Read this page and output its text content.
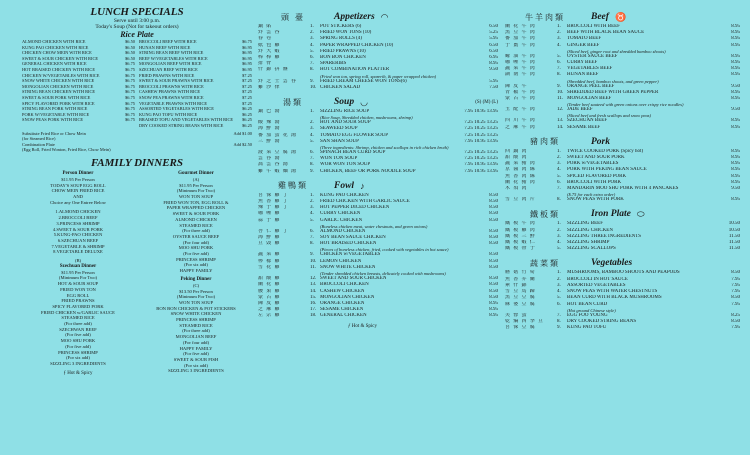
LUNCH SPECIALS
Serve until 3:00 p.m.
Today's Soup (Not for takeout orders)
Rice Plate
ALMOND CHICKEN WITH RICE	$6.50
KUNG PAO CHICKEN WITH RICE	$6.50
CHICKEN CHOW MEIN WITH RICE	$6.50
SWEET & SOUR CHICKEN WITH RICE	$6.50
GENERAL CHICKEN WITH RICE	$6.75
HOT BRAISED CHICKEN WITH RICE	$6.75
CHICKEN W/VEGETABLES WITH RICE	$6.75
SNOW WHITE CHICKEN WITH RICE	$6.75
MONGOLIAN CHICKEN WITH RICE	$6.75
STRING BEAN CHICKEN WITH RICE	$6.75
SWEET & SOUR PORK WITH RICE	$6.75
SPICY FLAVORED PORK WITH RICE	$6.75
STRING BEAN PORK WITH RICE	$6.75
PORK W/VEGETABLE WITH RICE	$6.75
SNOW PEAS PORK WITH RICE	$6.75
BROCCOLI BEEF WITH RICE	$6.75
HUNAN BEEF WITH RICE	$6.95
STRING BEAN BEEF WITH RICE	$6.95
BEEF W/VEGETABLES WITH RICE	$6.95
MONGOLIAN BEEF WITH RICE	$6.95
SZECHUAN BEEF WITH RICE	$6.95
FRIED PRAWNS WITH RICE	$7.25
SWEET & SOUR PRAWNS WITH RICE	$7.25
BROCCOLI PRAWNS WITH RICE	$7.25
CASHEW PRAWNS WITH RICE	$7.25
SNOW PEA PRAWNS WITH RICE	$7.25
VEGETABLE PRAWNS WITH RICE	$7.25
ASSORTED VEGETABLES WITH RICE	$6.25
KUNG PAO TOFU WITH RICE	$6.25
BRAISED TOFU AND VEGETABLES WITH RICE	$6.25
DRY COOKED STRING BEANS WITH RICE	$6.25
Substitute Fried Rice or Chow Mein	Add $1.00
(for Steamed Rice)
Combination Plate	Add $2.50
(Egg Roll, Fried Wonton, Fried Rice, Chow Mein)
FAMILY DINNERS
Person Dinner
$11.95 Per Person
TODAY'S SOUP EGG ROLL
CHOW MEIN FRIED RICE
AND
Choice any One Entree Below
1.ALMOND CHICKEN
2.BROCCOLI BEEF
3.PRINCESS SHRIMP
4.SWEET & SOUR PORK
5.KUNG-PAO CHICKEN
6.SZECHUAN BEEF
7.VEGETABLE & SHRIMP
8.VEGETABLE DELUXE
(B)
Szechuan Dinner
$11.95 Per Person
(Minimum For Two)
HOT & SOUR SOUP
FRIED WON TON
EGG ROLL
FRIED PRAWNS
SPICY FLAVORED PORK
FRIED CHICKEN w/GARLIC SAUCE
STEAMED RICE
(For three add)
SZECHWAN BEEF
(For five add)
MOO SHU PORK
(For five add)
PRINCESS SHRIMP
(For six add)
SIZZLING 3 INGREDIENTS
ƒ Hot & Spicy
Gourmet Dinner
(A)
$11.95 Per Person
(Minimum For Two)
WON TON SOUP
FRIED WON TON, EGG ROLL &
PAPER WRAPPED CHICKEN
SWEET & SOUR PORK
ALMOND CHICKEN
STEAMED RICE
(For three add)
OYSTER SAUCE BEEF
(For four add)
MOO SHU PORK
(For five add)
PRINCESS SHRIMP
(For six add)
HAPPY FAMILY
Peking Dinner
(C)
$13.50 Per Person
(Minimum For Two)
WON TON SOUP
BON BON CHICKEN & POT STICKERS
SNOW WHITE CHICKEN
PRINCESS SHRIMP
STEAMED RICE
(For three add)
MONGOLIAN BEEF
(For four add)
HAPPY FAMILY
(For five add)
SWEET & SOUR FISH
(For six add)
SIZZLING 3 INGREDIENTS
頭 臺	Appetizers ◠
鍋 貼	1.	POT STICKERS (6)	6.50
炸 雲 吞	2.	FRIED WON TONS (10)	5.25
春 卷	3.	SPRING ROLLS (4)	5.95
紙 包 雞	4.	PAPER WRAPPED CHICKEN (10)	6.50
炸 大 蝦	5.	FRIED PRAWNS (10)	6.50
棒 棒 雞	6.	BON BON CHICKEN	6.95
排 骨	7.	SPARERIBS	8.95
什 錦 拼 盤	8.	HOT COMBINATION PLATTER	9.50
(Fried won ton, spring roll, sparerib, & paper wrapped chicken)
炸 芝 士 雲 吞	9.	FRIED CREAM CHEESE WON TONS(6)	5.95
雞 沙 律	10. CHICKEN SALAD	7.50
湯類	Soup ◡	(S) (M) (L)
鍋 巴 湯	1.	SIZZLING RICE SOUP	7.95 10.95 13.95
(Rice Soup, Shredded chicken, mushrooms, shrimp)
酸 辣 湯	2.	HOT AND SOUR SOUP	7.25 10.25 13.25
海 鮮 湯	3.	SEAWEED SOUP	7.25 10.25 13.25
番 茄 蛋 花 湯	4.	TOMATO EGG FLOWER SOUP	7.25 10.25 13.25
三 鮮 湯	5.	SAN SHAN SOUP	7.95 10.95 13.95
(Three ingredients: Shrimp, chicken and scallops in rich chicken broth)
菠 菜 豆 腐 湯	6.	SPINACH BEAN CURD SOUP	7.25 10.25 13.25
雲 吞 湯	7.	WON TON SOUP	7.25 10.25 13.25
窩 雲 吞 湯	8.	WOR WON TON SOUP	7.95 10.95 13.95
雞 牛 蝦 麵 湯	9.	CHICKEN, BEEF OR PORK NOODLE SOUP	7.95 10.95 13.95
雞鴨類	Fowl ♪
宮 保 雞 丁	1.	KUNG PAO CHICKEN	8.50
魚 香 雞 丁	2.	FRIED CHICKEN WITH GARLIC SAUCE	8.50
辣 子 雞 丁	3.	HOT PEPPER DICED CHICKEN	8.50
咖 喱 雞	4.	CURRY CHICKEN	8.50
蒜 子 雞	5.	GARLIC CHICKEN	8.50
(Boneless chicken meat, water chestnuts, and green onions)
杏 仁 雞 丁	6.	ALMOND CHICKEN	8.50
海 鮮 雞	7.	SOY BEAN SAUCE CHICKEN	8.50
豆 豉 雞	8.	HOT BRAISED CHICKEN	8.50
(Pieces of boneless chicken, fried, cooked with vegetables in hot sauce)
蔬 菜 雞	9.	CHICKEN w/VEGETABLES	8.50
檸 檬 雞	10. LEMON CHICKEN	8.50
雪 花 雞	11. SNOW WHITE CHICKEN	8.50
(Tender shredded chicken breasts, delicately cooked with mushrooms)
甜 酸 雞	12. SWEET AND SOUR CHICKEN	8.50
蘭 花 雞	13. BROCCOLI CHICKEN	8.50
腰 果 雞	14. CASHEW CHICKEN	8.50
蒙 古 雞	15. MONGOLIAN CHICKEN	8.50
陳 皮 雞	16. ORANGE CHICKEN	8.95
芝 麻 雞	17. SESAME CHICKEN	8.95
左 宗 雞	18. GENERAL CHICKEN	8.95
ƒ Hot & Spicy
牛羊肉類	Beef ♉
蘭 花 牛 肉	1.	BROCCOLI WITH BEEF	8.95
黑 豆 牛 肉	2.	BEEF WITH BLACK BEAN SAUCE	8.95
番 茄 牛 肉	3.	TOMATO BEEF	8.95
子 薑 牛 肉	4.	GINGER BEEF	8.95
(Sliced beef, ginger root and shredded bamboo shoots)
蠔 油 牛 肉	5.	OYSTER SAUCE BEEF	8.95
咖 喱 牛 肉	6.	CURRY BEEF	8.95
蔬 菜 牛 肉	7.	VEGETABLES BEEF	8.95
湖 南 牛 肉	8.	HUNAN BEEF	8.95
(Shredded beef, bamboo shoots, and green pepper)
陳 皮 牛	9.	ORANGE PEEL BEEF	9.50
青 椒 牛 肉	10. SHREDDED BEEF WITH GREEN PEPPER	8.95
蒙 古 牛 肉	11. MONGOLIAN BEEF	8.95
(Tender beef sauteed with green onions over crispy rice noodles)
玉 配 牛 肉	12. JADE BEEF	9.50
(Sliced beef and fresh scallops and snow peas)
四 川 牛 肉	13. SZECHUAN BEEF	8.95
芝 麻 牛 肉	14. SESAME BEEF	8.95
豬肉類	Pork
回 鍋 肉	1.	TWICE COOKED PORK (Spicy hot)	8.95
甜 酸 肉	2.	SWEET AND SOUR PORK	8.95
蔬 菜 豬 肉	3.	PORK w/VEGETABLES	8.95
京 醬 肉 絲	4.	PORK WITH PEKING BEAN SAUCE	8.95
魚 香 肉 絲	5.	SPICED FLAVORED PORK	8.95
蘭 花 豬 肉	6.	BROCCOLI WITH PORK	8.95
木 須 肉	7.	MANDARIN MOO SHU PORK WITH 4 PANCAKES	9.50
($.75 for each extra order)
雪 豆 肉 片	8.	SNOW PEAS WITH PORK	8.95
鐵板類	Iron Plate ⬭
鐵 板 牛 肉	1.	SIZZLING BEEF	10.50
鐵 板 雞 肉	2.	SIZZLING CHICKEN	10.50
鐵 板 三 鮮	3.	SIZZLING THREE INGREDIENTS	11.50
鐵 板 蝦 仁	4.	SIZZLING SHRIMP	11.50
鐵 板 帶 子	5.	SIZZLING SCALLOPS	11.50
蔬菜類	Vegetables
蘑 菇 竹 筍	1.	MUSHROOMS, BAMBOO SHOOTS AND PEAPODS	8.50
魚 香 芥 蘭	2.	BROCCOLI IN HOT SAUCE	7.95
素 什 錦	3.	ASSORTED VEGETABLES	7.95
雪 豆 馬 蹄	4.	SNOW PEAS WITH WATER CHESTNUTS	7.95
黑 豆 豆 腐	5.	BEAN CURD WITH BLACK MUSHROOMS	8.50
麻 婆 豆 腐	6.	HOT BEAN CURD	7.95
(Hot ground Chinese style)
芙 蓉 蛋	7.	EGG FOO YOUNG	8.25
乾 煸 四 季 豆	8.	DRY COOKED STRING BEANS	8.50
宮 保 豆 腐	9.	KUNG PAO TOFU	7.95
